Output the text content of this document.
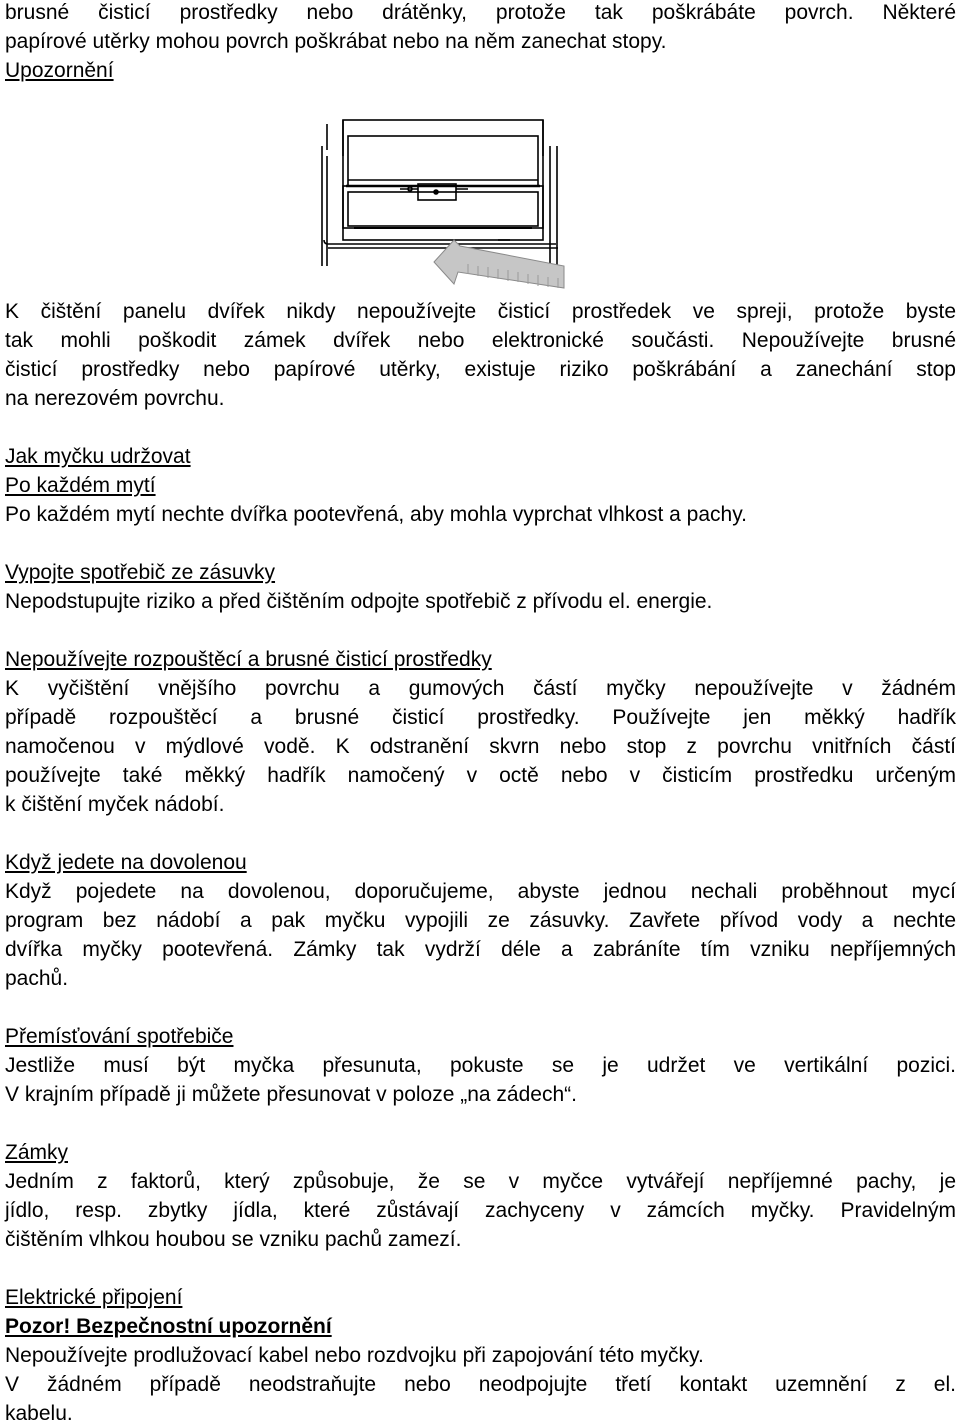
brusné čisticí prostředky nebo drátěnky, protože tak poškrábáte povrch. Některé
papírové utěrky mohou povrch poškrábat nebo na něm zanechat stopy.
Upozornění
K čištění panelu dvířek nikdy nepoužívejte čisticí prostředek ve spreji, protože byste
tak mohli poškodit zámek dvířek nebo elektronické součásti. Nepoužívejte brusné
čisticí prostředky nebo papírové utěrky, existuje riziko poškrábání a zanechání stop
na nerezovém povrchu.
Jak myčku udržovat
Po každém mytí
Po každém mytí nechte dvířka pootevřená, aby mohla vyprchat vlhkost a pachy.
Vypojte spotřebič ze zásuvky
Nepodstupujte riziko a před čištěním odpojte spotřebič z přívodu el. energie.
Nepoužívejte rozpouštěcí a brusné čisticí prostředky
K vyčištění vnějšího povrchu a gumových částí myčky nepoužívejte v žádném
případě rozpouštěcí a brusné čisticí prostředky. Používejte jen měkký hadřík
namočenou v mýdlové vodě. K odstranění skvrn nebo stop z povrchu vnitřních částí
používejte také měkký hadřík namočený v octě nebo v čisticím prostředku určeným
k čištění myček nádobí.
Když jedete na dovolenou
Když pojedete na dovolenou, doporučujeme, abyste jednou nechali proběhnout mycí
program bez nádobí a pak myčku vypojili ze zásuvky. Zavřete přívod vody a nechte
dvířka myčky pootevřená. Zámky tak vydrží déle a zabráníte tím vzniku nepříjemných
pachů.
Přemísťování spotřebiče
Jestliže musí být myčka přesunuta, pokuste se je udržet ve vertikální pozici.
V krajním případě ji můžete přesunovat v poloze „na zádech“.
Zámky
Jedním z faktorů, který způsobuje, že se v myčce vytvářejí nepříjemné pachy, je
jídlo, resp. zbytky jídla, které zůstávají zachyceny v zámcích myčky. Pravidelným
čištěním vlhkou houbou se vzniku pachů zamezí.
Elektrické připojení
Pozor! Bezpečnostní upozornění
Nepoužívejte prodlužovací kabel nebo rozdvojku při zapojování této myčky.
V žádném případě neodstraňujte nebo neodpojujte třetí kontakt uzemnění z el.
kabelu.
